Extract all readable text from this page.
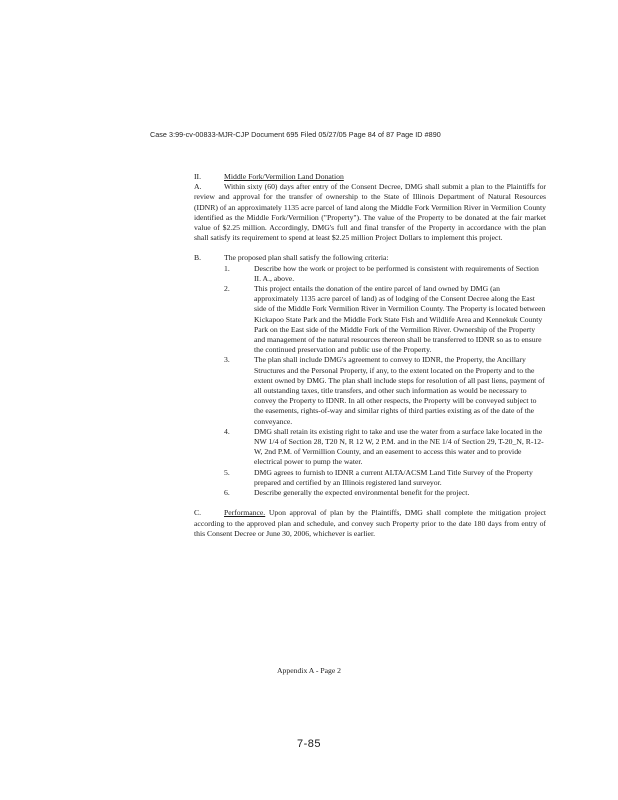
Case 3:99-cv-00833-MJR-CJP Document 695 Filed 05/27/05 Page 84 of 87 Page ID #890

II.	Middle Fork/Vermilion Land Donation

A.	Within sixty (60) days after entry of the Consent Decree, DMG shall submit a plan to the Plaintiffs for review and approval for the transfer of ownership to the State of Illinois Department of Natural Resources (IDNR) of an approximately 1135 acre parcel of land along the Middle Fork Vermilion River in Vermilion County identified as the Middle Fork/Vermilion ("Property"). The value of the Property to be donated at the fair market value of $2.25 million. Accordingly, DMG's full and final transfer of the Property in accordance with the plan shall satisfy its requirement to spend at least $2.25 million Project Dollars to implement this project.

B.	The proposed plan shall satisfy the following criteria:

1.	Describe how the work or project to be performed is consistent with requirements of Section II. A., above.
2.	This project entails the donation of the entire parcel of land owned by DMG (an approximately 1135 acre parcel of land) as of lodging of the Consent Decree along the East side of the Middle Fork Vermilion River in Vermilion County. The Property is located between Kickapoo State Park and the Middle Fork State Fish and Wildlife Area and Kennekuk County Park on the East side of the Middle Fork of the Vermilion River. Ownership of the Property and management of the natural resources thereon shall be transferred to IDNR so as to ensure the continued preservation and public use of the Property.
3.	The plan shall include DMG's agreement to convey to IDNR, the Property, the Ancillary Structures and the Personal Property, if any, to the extent located on the Property and to the extent owned by DMG. The plan shall include steps for resolution of all past liens, payment of all outstanding taxes, title transfers, and other such information as would be necessary to convey the Property to IDNR. In all other respects, the Property will be conveyed subject to the easements, rights-of-way and similar rights of third parties existing as of the date of the conveyance.
4.	DMG shall retain its existing right to take and use the water from a surface lake located in the NW 1/4 of Section 28, T20 N, R 12 W, 2 P.M. and in the NE 1/4 of Section 29, T-20_N, R-12-W, 2nd P.M. of Vermillion County, and an easement to access this water and to provide electrical power to pump the water.
5.	DMG agrees to furnish to IDNR a current ALTA/ACSM Land Title Survey of the Property prepared and certified by an Illinois registered land surveyor.
6.	Describe generally the expected environmental benefit for the project.

C.	Performance. Upon approval of plan by the Plaintiffs, DMG shall complete the mitigation project according to the approved plan and schedule, and convey such Property prior to the date 180 days from entry of this Consent Decree or June 30, 2006, whichever is earlier.

Appendix A - Page 2
7-85
